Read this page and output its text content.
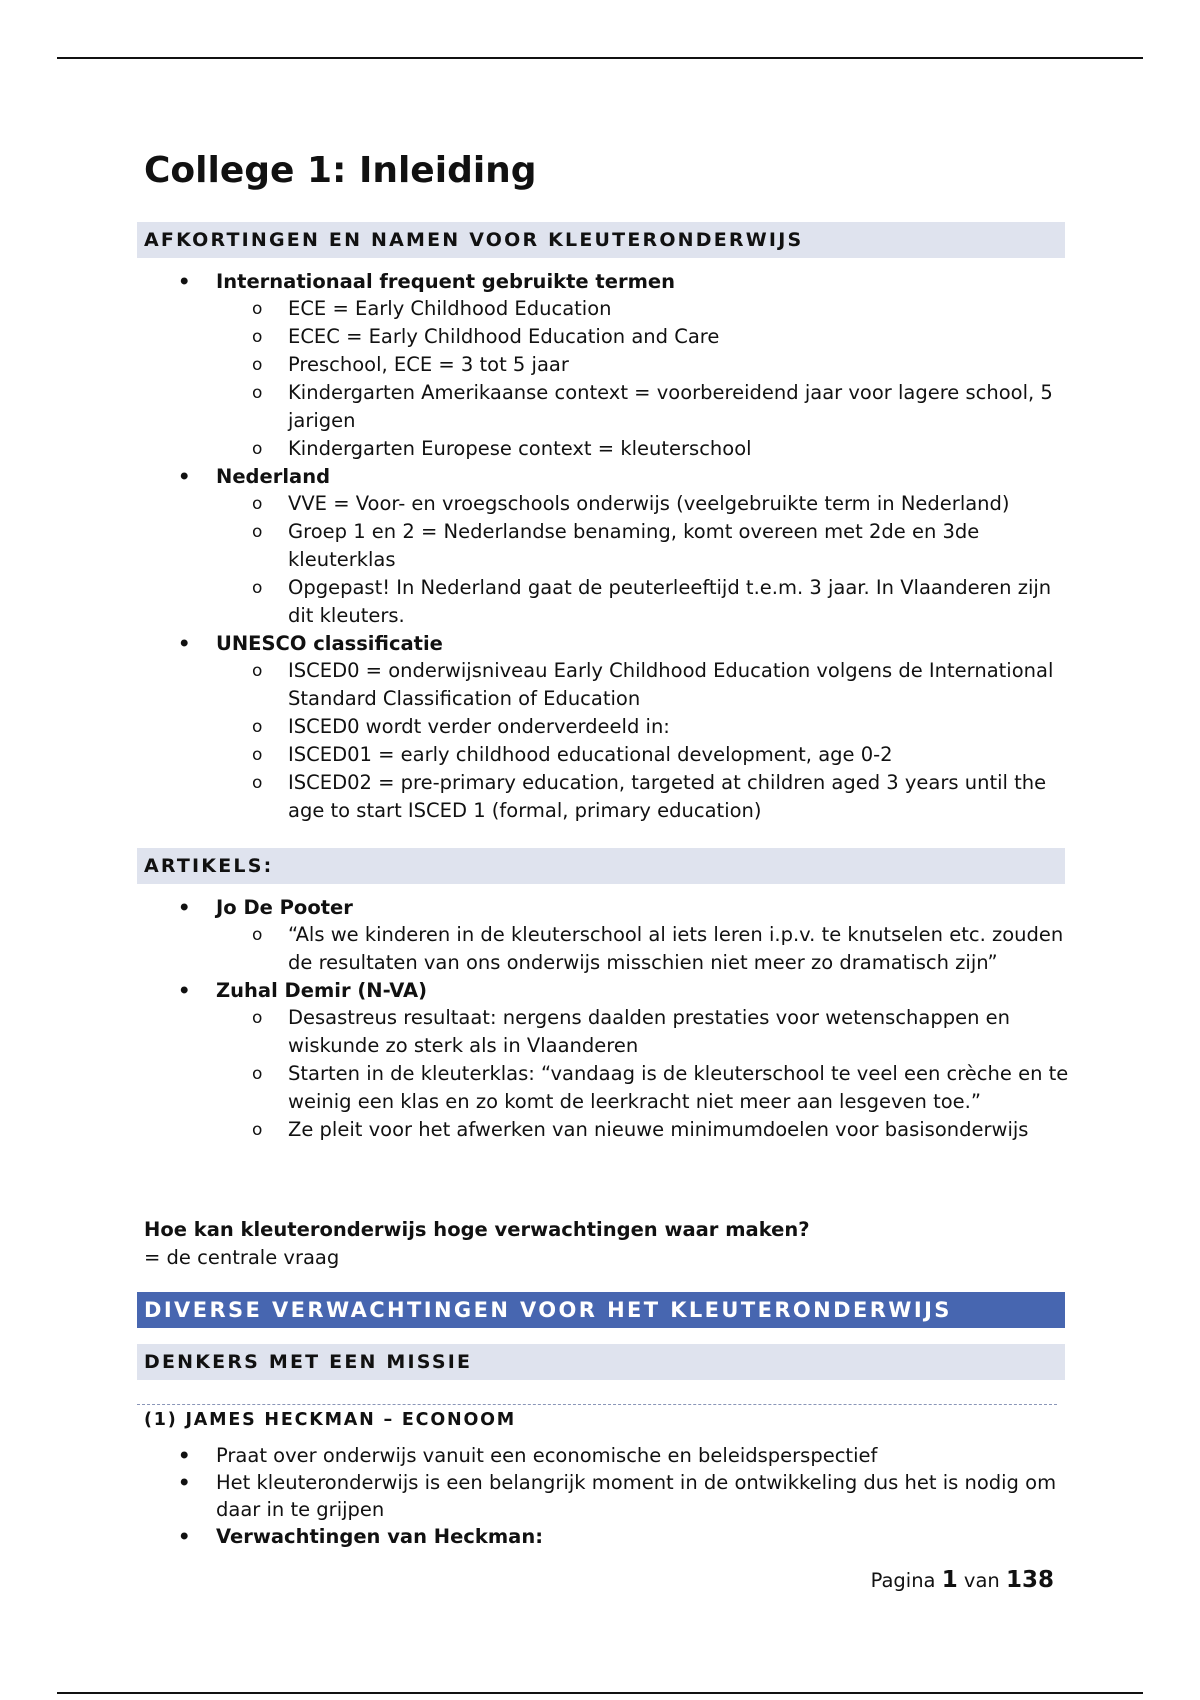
College 1: Inleiding
AFKORTINGEN EN NAMEN VOOR KLEUTERONDERWIJS
• Internationaal frequent gebruikte termen
o ECE = Early Childhood Education
o ECEC = Early Childhood Education and Care
o Preschool, ECE = 3 tot 5 jaar
o Kindergarten Amerikaanse context = voorbereidend jaar voor lagere school, 5 jarigen
o Kindergarten Europese context = kleuterschool
• Nederland
o VVE = Voor- en vroegschools onderwijs (veelgebruikte term in Nederland)
o Groep 1 en 2 = Nederlandse benaming, komt overeen met 2de en 3de kleuterklas
o Opgepast! In Nederland gaat de peuterleeftijd t.e.m. 3 jaar. In Vlaanderen zijn dit kleuters.
• UNESCO classificatie
o ISCED0 = onderwijsniveau Early Childhood Education volgens de International Standard Classification of Education
o ISCED0 wordt verder onderverdeeld in:
o ISCED01 = early childhood educational development, age 0-2
o ISCED02 = pre-primary education, targeted at children aged 3 years until the age to start ISCED 1 (formal, primary education)
ARTIKELS:
• Jo De Pooter
o “Als we kinderen in de kleuterschool al iets leren i.p.v. te knutselen etc. zouden de resultaten van ons onderwijs misschien niet meer zo dramatisch zijn”
• Zuhal Demir (N-VA)
o Desastreus resultaat: nergens daalden prestaties voor wetenschappen en wiskunde zo sterk als in Vlaanderen
o Starten in de kleuterklas: “vandaag is de kleuterschool te veel een crèche en te weinig een klas en zo komt de leerkracht niet meer aan lesgeven toe.”
o Ze pleit voor het afwerken van nieuwe minimumdoelen voor basisonderwijs
Hoe kan kleuteronderwijs hoge verwachtingen waar maken?
= de centrale vraag
DIVERSE VERWACHTINGEN VOOR HET KLEUTERONDERWIJS
DENKERS MET EEN MISSIE
(1) JAMES HECKMAN – ECONOOM
• Praat over onderwijs vanuit een economische en beleidsperspectief
• Het kleuteronderwijs is een belangrijk moment in de ontwikkeling dus het is nodig om daar in te grijpen
• Verwachtingen van Heckman:
Pagina 1 van 138
